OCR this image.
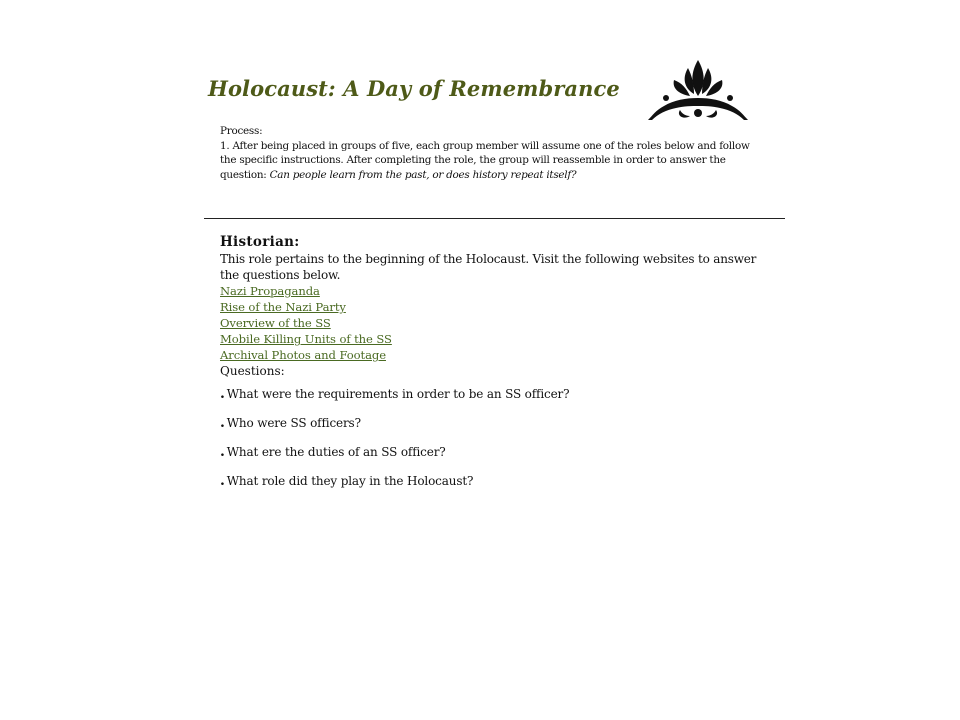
Holocaust: A Day of Remembrance
Process:
1. After being placed in groups of five, each group member will assume one of the roles below and follow the specific instructions. After completing the role, the group will reassemble in order to answer the question: Can people learn from the past, or does history repeat itself?
Historian:
This role pertains to the beginning of the Holocaust. Visit the following websites to answer the questions below.
Nazi Propaganda
Rise of the Nazi Party
Overview of the SS
Mobile Killing Units of the SS
Archival Photos and Footage
Questions:
. What were the requirements in order to be an SS officer?
. Who were SS officers?
. What ere the duties of an SS officer?
. What role did they play in the Holocaust?
